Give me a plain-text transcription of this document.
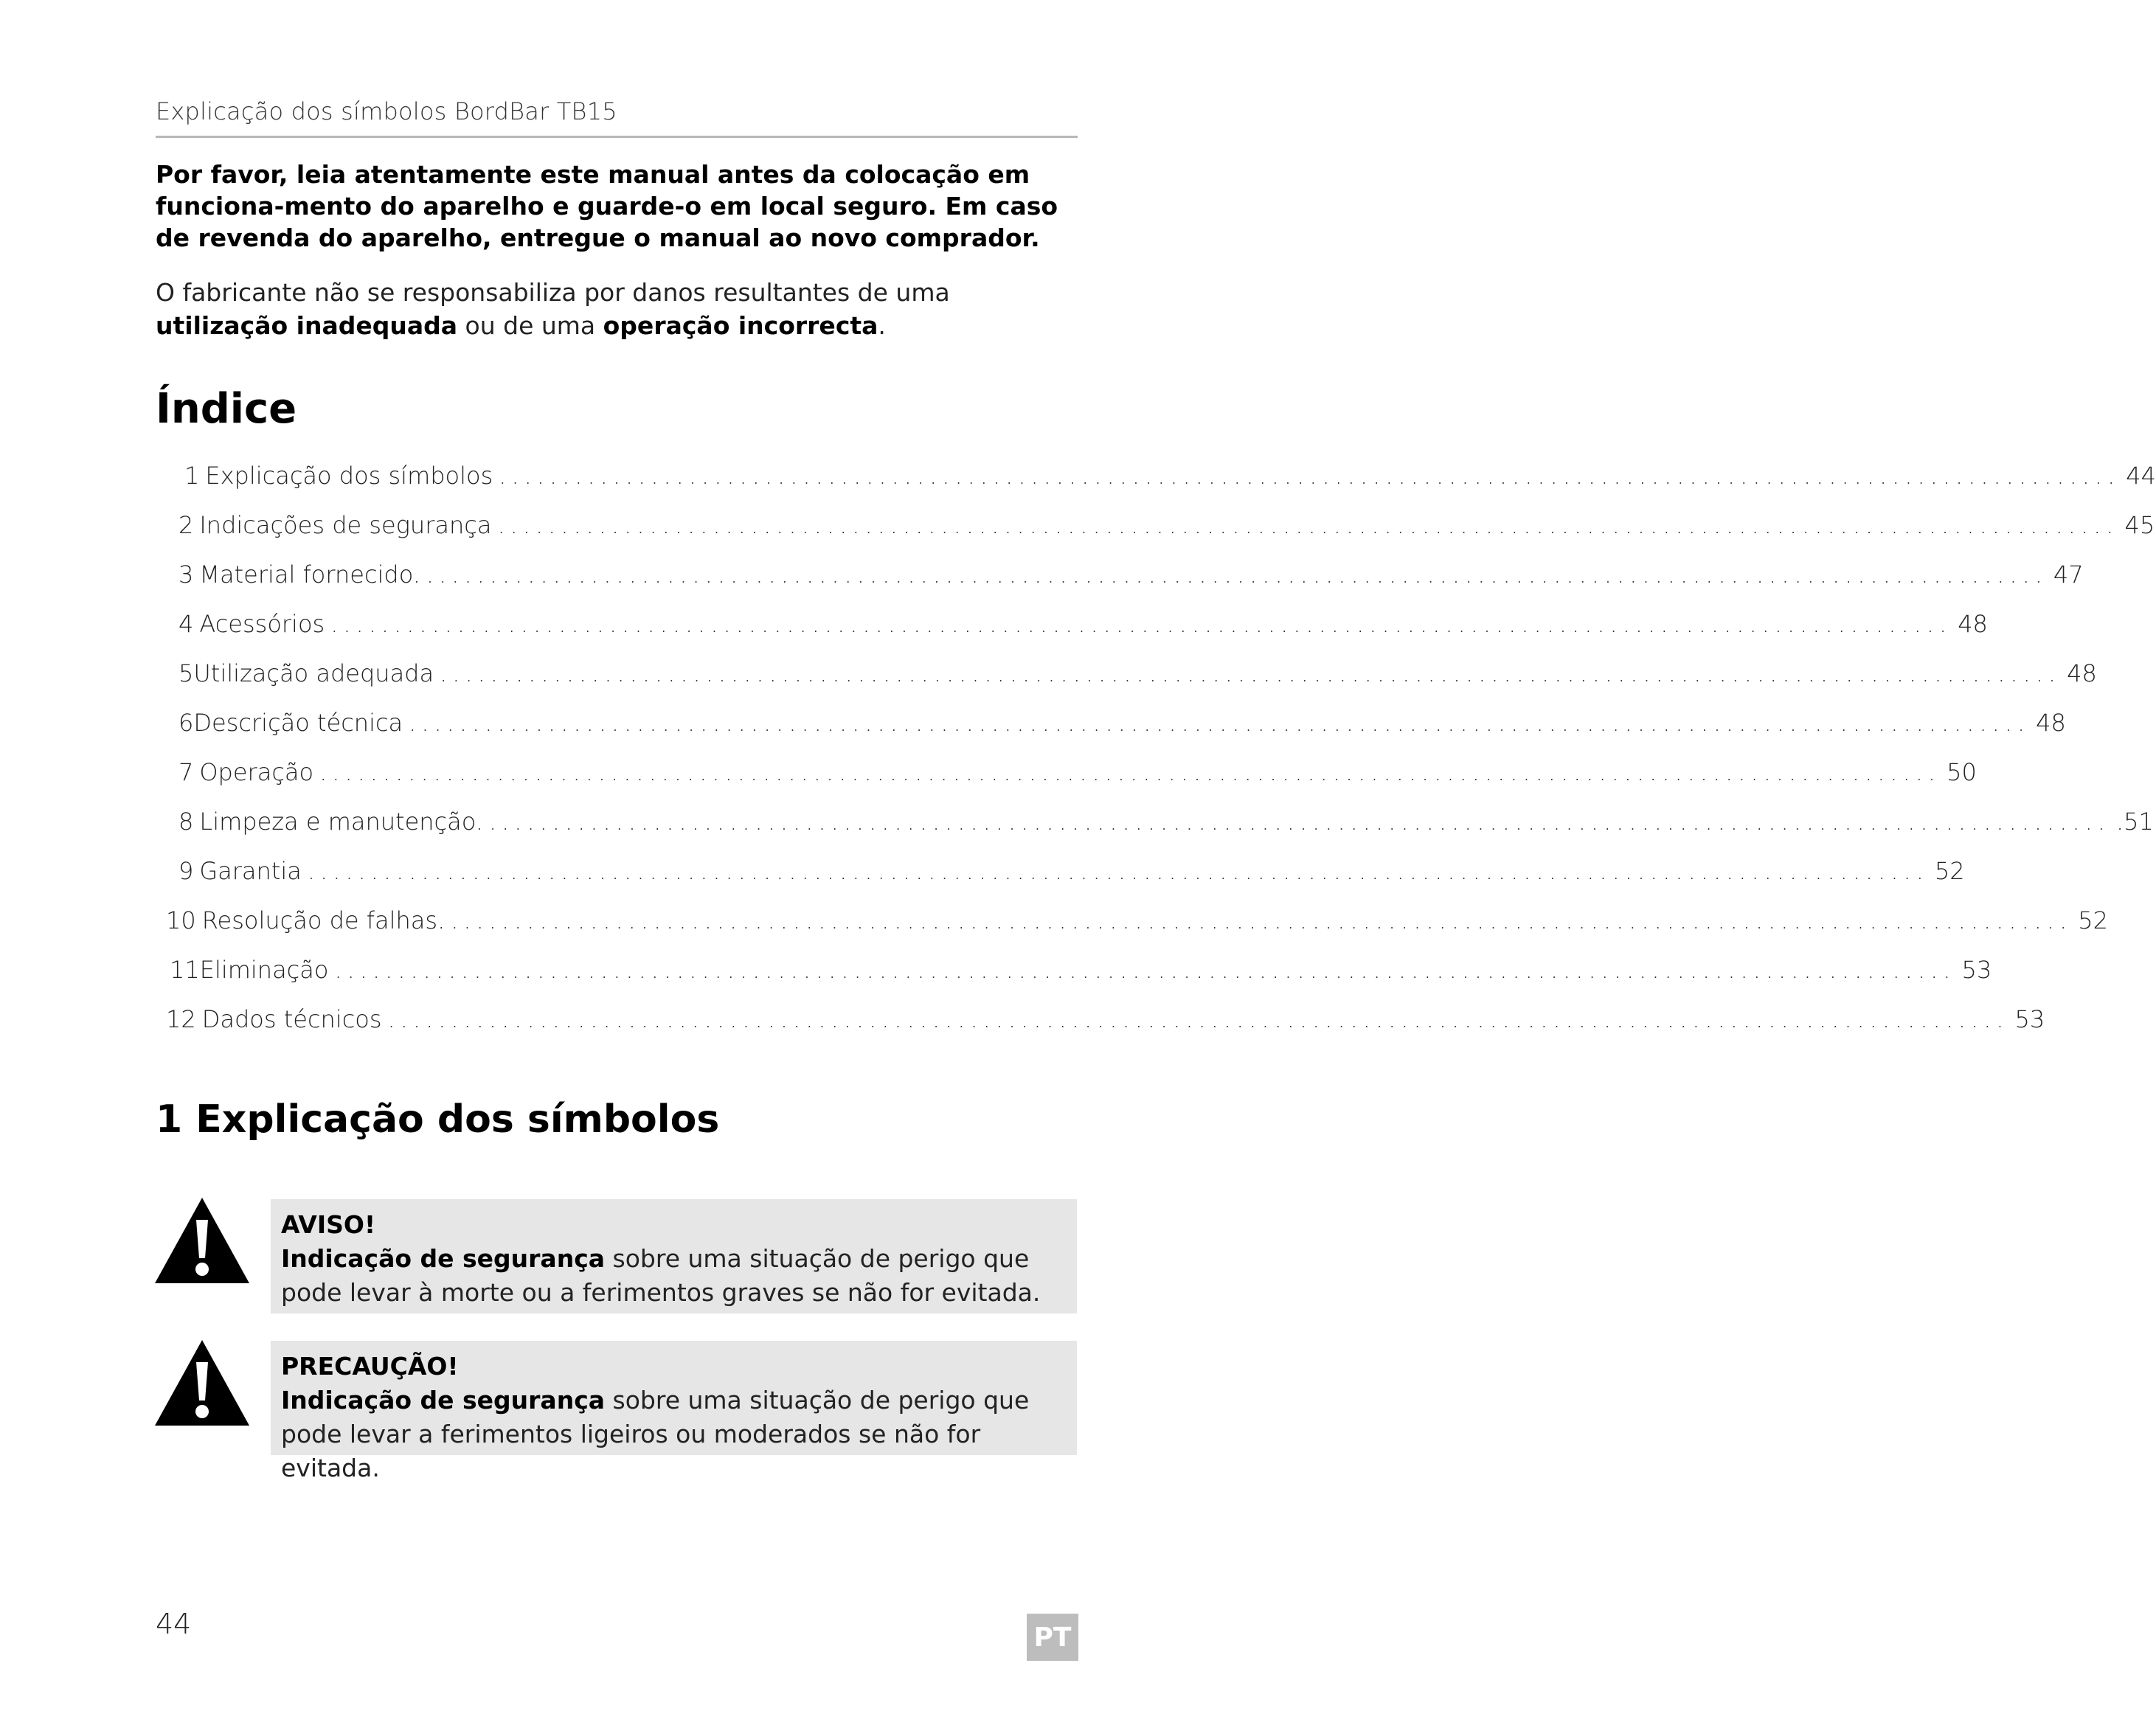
Explicação dos símbolos BordBar TB15
Por favor, leia atentamente este manual antes da colocação em funciona-mento do aparelho e guarde-o em local seguro. Em caso de revenda do aparelho, entregue o manual ao novo comprador.
O fabricante não se responsabiliza por danos resultantes de uma utilização inadequada ou de uma operação incorrecta.
Índice
1 Explicação dos símbolos ................................................................................................................................ 44
2 Indicações de segurança ................................................................................................................................ 45
3 Material fornecido. ................................................................................................................................ 47
4 Acessórios ................................................................................................................................ 48
5 Utilização adequada ................................................................................................................................ 48
6 Descrição técnica ................................................................................................................................ 48
7 Operação ................................................................................................................................ 50
8 Limpeza e manutenção. ................................................................................................................................ .51
9 Garantia ................................................................................................................................ 52
10 Resolução de falhas. ................................................................................................................................ 52
11 Eliminação ................................................................................................................................ 53
12 Dados técnicos ................................................................................................................................ 53
1 Explicação dos símbolos
AVISO!
Indicação de segurança sobre uma situação de perigo que pode levar à morte ou a ferimentos graves se não for evitada.
PRECAUÇÃO!
Indicação de segurança sobre uma situação de perigo que pode levar a ferimentos ligeiros ou moderados se não for evitada.
44	PT
